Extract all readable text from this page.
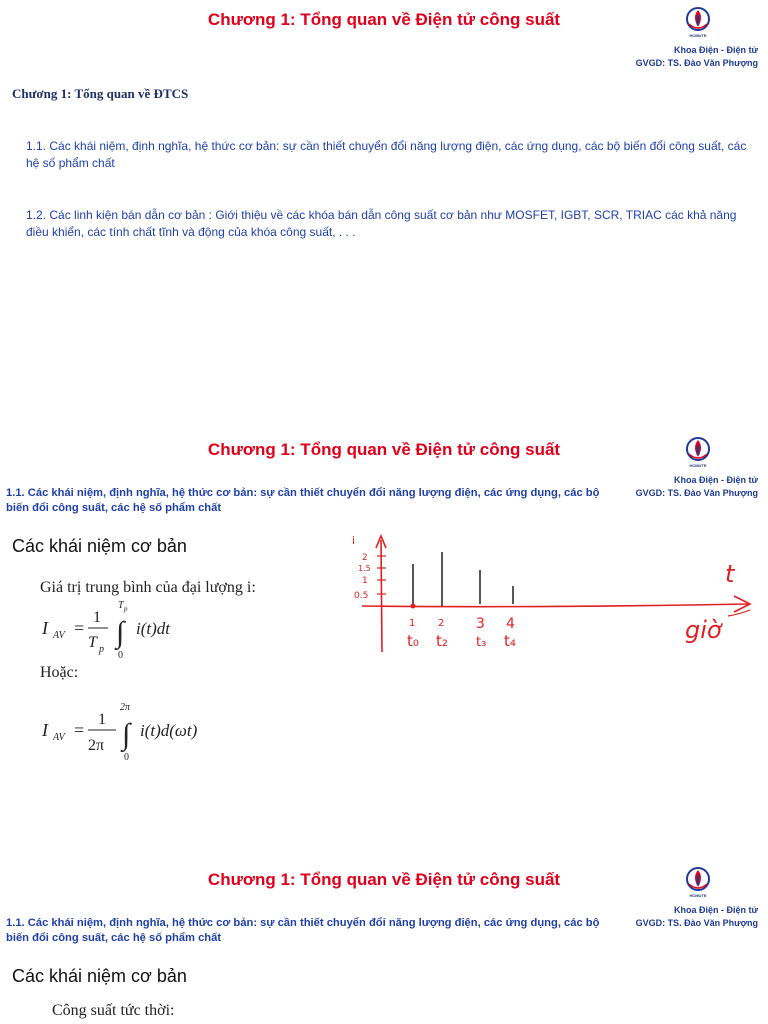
Chương 1: Tổng quan về Điện tử công suất
HCMUTE
Khoa Điện - Điện tử
GVGD: TS. Đào Văn Phượng
Chương 1: Tổng quan về ĐTCS
1.1. Các khái niệm, định nghĩa, hệ thức cơ bản: sự cần thiết chuyển đổi năng lượng điện, các ứng dụng, các bộ biến đổi công suất, các hệ số phẩm chất
1.2. Các linh kiện bán dẫn cơ bản : Giới thiệu về các khóa bán dẫn công suất cơ bản như MOSFET, IGBT, SCR, TRIAC các khả năng điều khiển, các tính chất tĩnh và động của khóa công suất, . . .
Chương 1: Tổng quan về Điện tử công suất
HCMUTE
Khoa Điện - Điện tử
GVGD: TS. Đào Văn Phượng
1.1. Các khái niệm, định nghĩa, hệ thức cơ bản: sự cần thiết chuyển đổi năng lượng điện, các ứng dụng, các bộ biến đổi công suất, các hệ số phẩm chất
Các khái niệm cơ bản
Giá trị trung bình của đại lượng i:
I AV =
1
T p
T p
∫
0
i(t)dt
Hoặc:
I AV =
1
2π
2π
∫
0
i(t)d(ωt)
i
2
1.5
1
0.5
1 2 3 4
t₀ t₂ t₃ t₄
t
giờ
Chương 1: Tổng quan về Điện tử công suất
HCMUTE
Khoa Điện - Điện tử
GVGD: TS. Đào Văn Phượng
1.1. Các khái niệm, định nghĩa, hệ thức cơ bản: sự cần thiết chuyển đổi năng lượng điện, các ứng dụng, các bộ biến đổi công suất, các hệ số phẩm chất
Các khái niệm cơ bản
Công suất tức thời:
